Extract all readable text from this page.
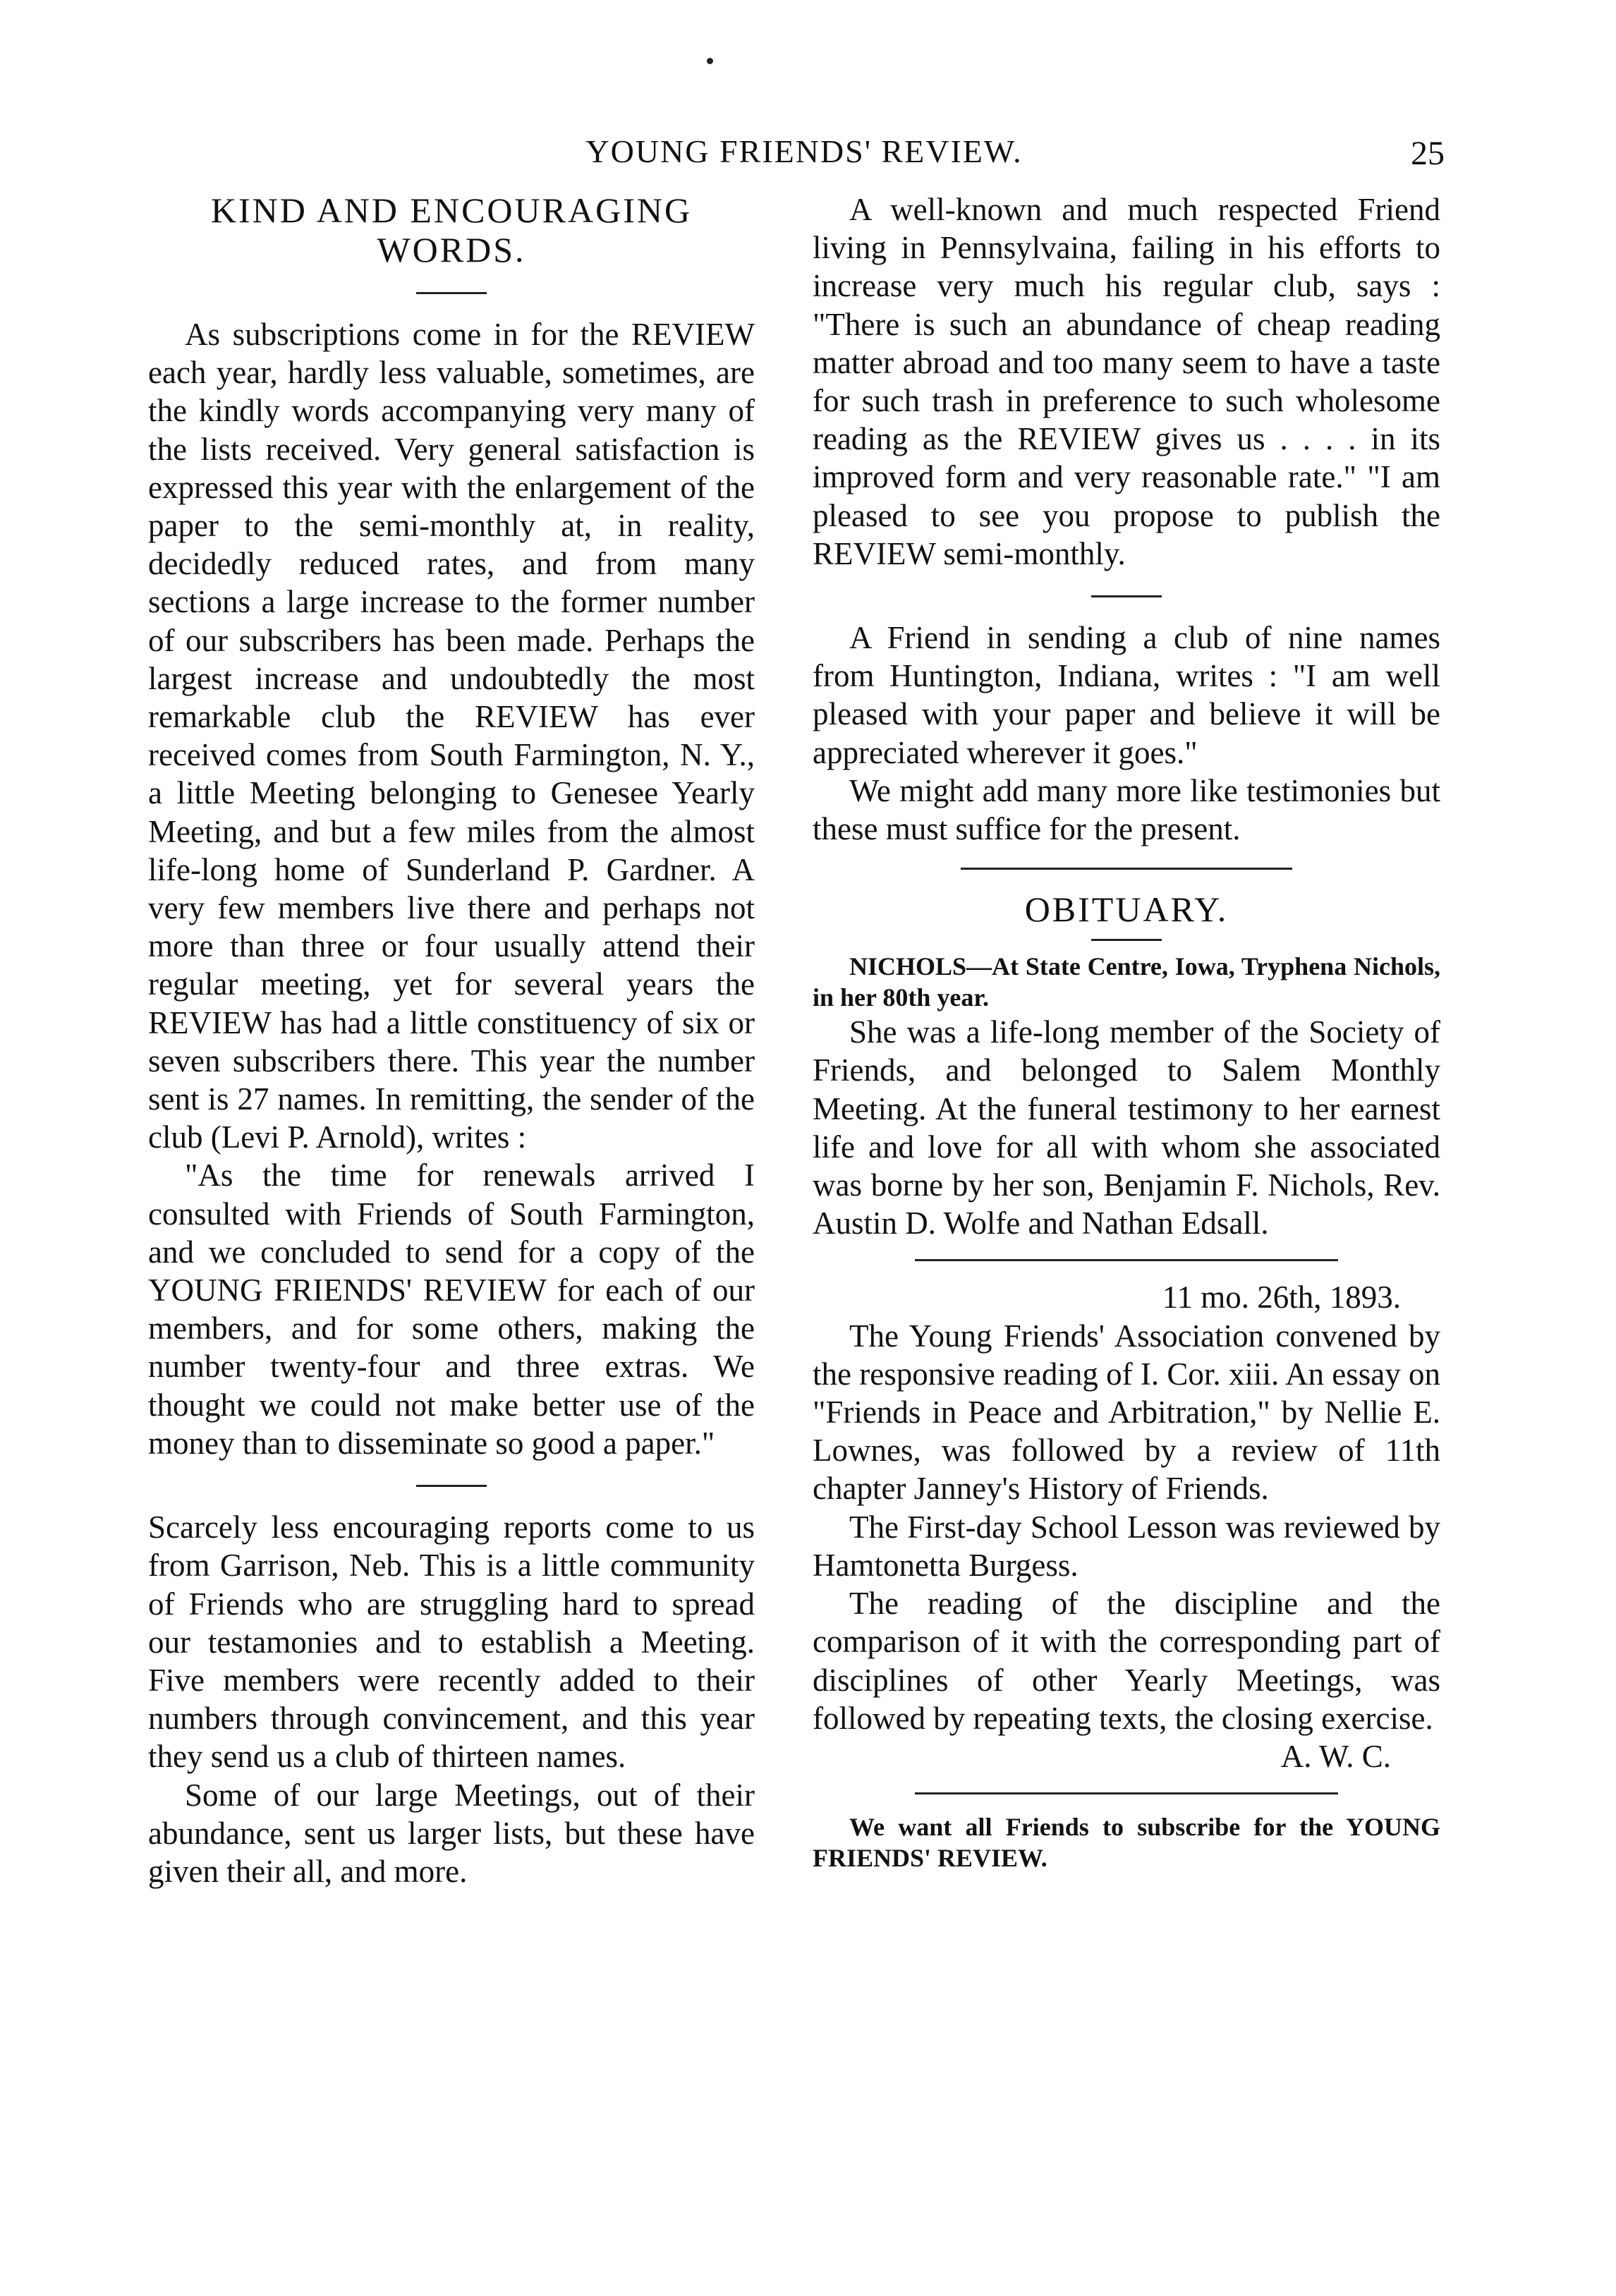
YOUNG FRIENDS' REVIEW.	25
KIND AND ENCOURAGING
WORDS.

As subscriptions come in for the REVIEW each year, hardly less valuable, sometimes, are the kindly words accompanying very many of the lists received. Very general satisfaction is expressed this year with the enlargement of the paper to the semi-monthly at, in reality, decidedly reduced rates, and from many sections a large increase to the former number of our subscribers has been made. Perhaps the largest increase and undoubtedly the most remarkable club the REVIEW has ever received comes from South Farmington, N. Y., a little Meeting belonging to Genesee Yearly Meeting, and but a few miles from the almost life-long home of Sunderland P. Gardner. A very few members live there and perhaps not more than three or four usually attend their regular meeting, yet for several years the REVIEW has had a little constituency of six or seven subscribers there. This year the number sent is 27 names. In remitting, the sender of the club (Levi P. Arnold), writes :

"As the time for renewals arrived I consulted with Friends of South Farmington, and we concluded to send for a copy of the YOUNG FRIENDS' REVIEW for each of our members, and for some others, making the number twenty-four and three extras. We thought we could not make better use of the money than to disseminate so good a paper."

Scarcely less encouraging reports come to us from Garrison, Neb. This is a little community of Friends who are struggling hard to spread our testamonies and to establish a Meeting. Five members were recently added to their numbers through convincement, and this year they send us a club of thirteen names.

Some of our large Meetings, out of their abundance, sent us larger lists, but these have given their all, and more.

A well-known and much respected Friend living in Pennsylvaina, failing in his efforts to increase very much his regular club, says : "There is such an abundance of cheap reading matter abroad and too many seem to have a taste for such trash in preference to such wholesome reading as the REVIEW gives us . . . . in its improved form and very reasonable rate." "I am pleased to see you propose to publish the REVIEW semi-monthly.

A Friend in sending a club of nine names from Huntington, Indiana, writes : "I am well pleased with your paper and believe it will be appreciated wherever it goes."

We might add many more like testimonies but these must suffice for the present.

OBITUARY.

NICHOLS—At State Centre, Iowa, Tryphena Nichols, in her 80th year.

She was a life-long member of the Society of Friends, and belonged to Salem Monthly Meeting. At the funeral testimony to her earnest life and love for all with whom she associated was borne by her son, Benjamin F. Nichols, Rev. Austin D. Wolfe and Nathan Edsall.

11 mo. 26th, 1893.

The Young Friends' Association convened by the responsive reading of I. Cor. xiii. An essay on "Friends in Peace and Arbitration," by Nellie E. Lownes, was followed by a review of 11th chapter Janney's History of Friends.

The First-day School Lesson was reviewed by Hamtonetta Burgess.

The reading of the discipline and the comparison of it with the corresponding part of disciplines of other Yearly Meetings, was followed by repeating texts, the closing exercise.

A. W. C.

We want all Friends to subscribe for the YOUNG FRIENDS' REVIEW.
